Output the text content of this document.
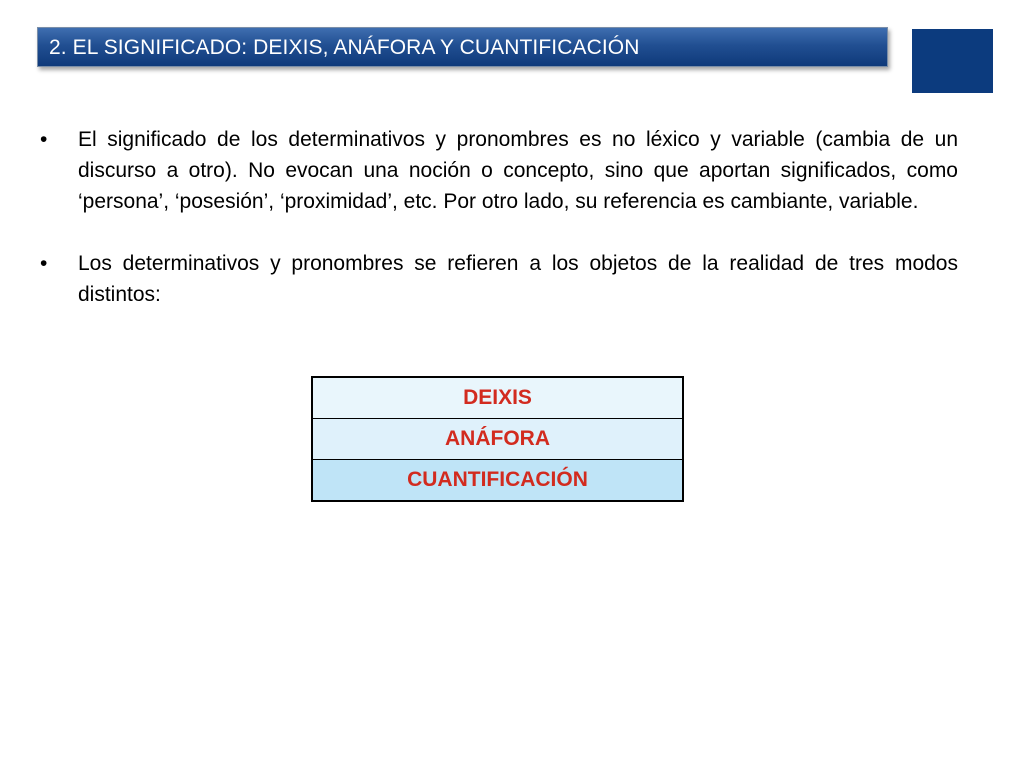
2. EL SIGNIFICADO: DEIXIS, ANÁFORA Y CUANTIFICACIÓN
• El significado de los determinativos y pronombres es no léxico y variable (cambia de un discurso a otro). No evocan una noción o concepto, sino que aportan significados, como ‘persona’, ‘posesión’, ‘proximidad’, etc. Por otro lado, su referencia es cambiante, variable.
• Los determinativos y pronombres se refieren a los objetos de la realidad de tres modos distintos:
DEIXIS
ANÁFORA
CUANTIFICACIÓN
